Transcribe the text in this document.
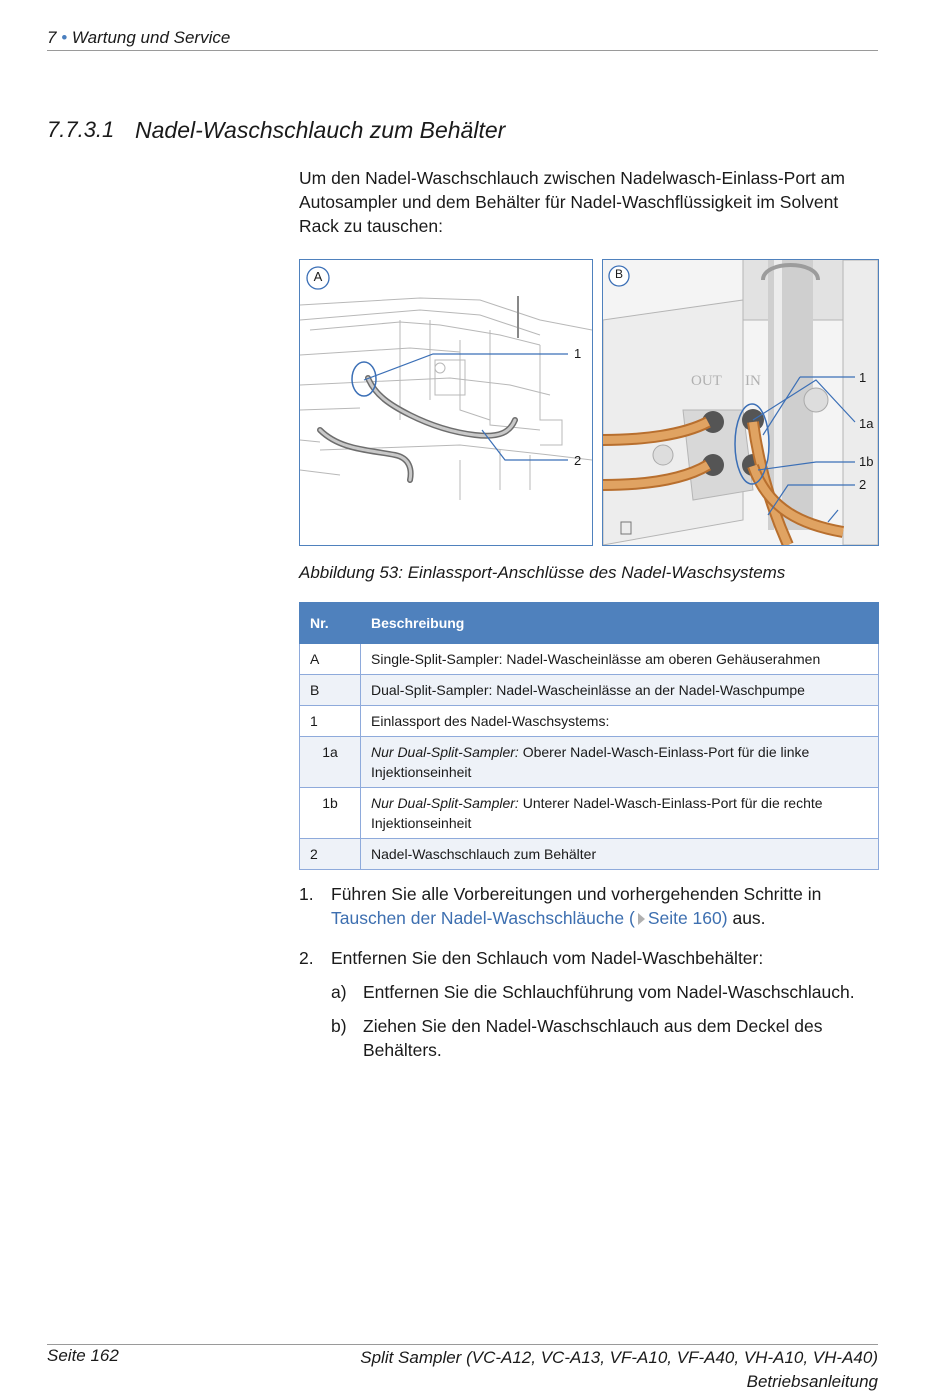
7 • Wartung und Service
7.7.3.1 Nadel-Waschschlauch zum Behälter
Um den Nadel-Waschschlauch zwischen Nadelwasch-Einlass-Port am Autosampler und dem Behälter für Nadel-Waschflüssigkeit im Solvent Rack zu tauschen:
A
1
2
B
OUT IN	1
1a
1b
2
Abbildung 53: Einlassport-Anschlüsse des Nadel-Waschsystems
Nr.	Beschreibung
A	Single-Split-Sampler: Nadel-Wascheinlässe am oberen Gehäuserahmen
B	Dual-Split-Sampler: Nadel-Wascheinlässe an der Nadel-Waschpumpe
1	Einlassport des Nadel-Waschsystems:
1a	Nur Dual-Split-Sampler: Oberer Nadel-Wasch-Einlass-Port für die linke Injektionseinheit
1b	Nur Dual-Split-Sampler: Unterer Nadel-Wasch-Einlass-Port für die rechte Injektionseinheit
2	Nadel-Waschschlauch zum Behälter
1. Führen Sie alle Vorbereitungen und vorhergehenden Schritte in
Tauschen der Nadel-Waschschläuche ( Seite 160) aus.
2. Entfernen Sie den Schlauch vom Nadel-Waschbehälter:
a) Entfernen Sie die Schlauchführung vom Nadel-Waschschlauch.
b) Ziehen Sie den Nadel-Waschschlauch aus dem Deckel des Behälters.
Seite 162	Split Sampler (VC-A12, VC-A13, VF-A10, VF-A40, VH-A10, VH-A40)
Betriebsanleitung
